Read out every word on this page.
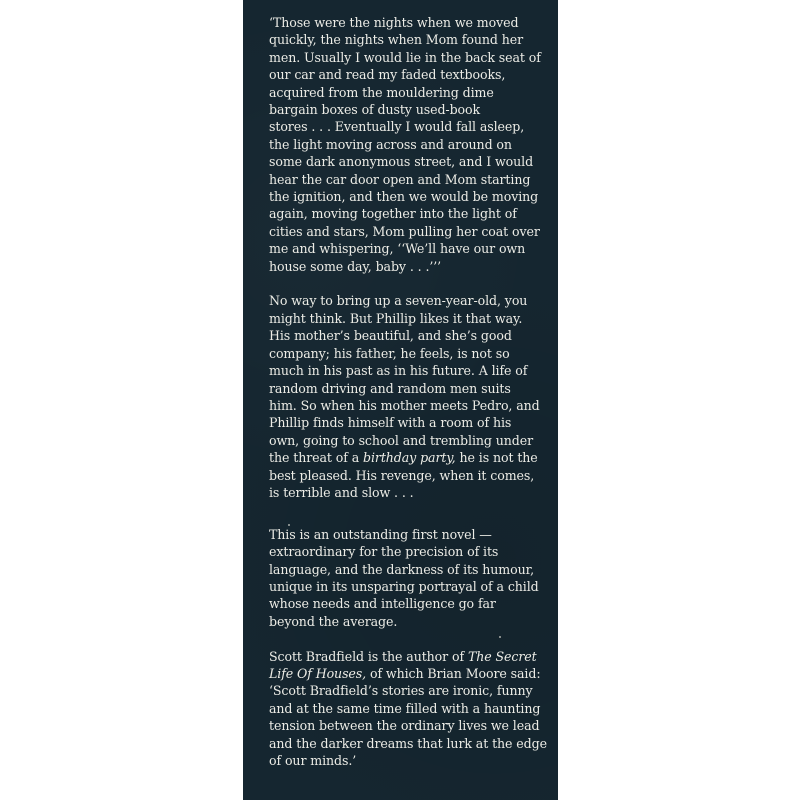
‘Those were the nights when we moved
quickly, the nights when Mom found her
men. Usually I would lie in the back seat of
our car and read my faded textbooks,
acquired from the mouldering dime
bargain boxes of dusty used-book
stores . . . Eventually I would fall asleep,
the light moving across and around on
some dark anonymous street, and I would
hear the car door open and Mom starting
the ignition, and then we would be moving
again, moving together into the light of
cities and stars, Mom pulling her coat over
me and whispering, ‘‘We’ll have our own
house some day, baby . . .’’’

No way to bring up a seven-year-old, you
might think. But Phillip likes it that way.
His mother’s beautiful, and she’s good
company; his father, he feels, is not so
much in his past as in his future. A life of
random driving and random men suits
him. So when his mother meets Pedro, and
Phillip finds himself with a room of his
own, going to school and trembling under
the threat of a birthday party, he is not the
best pleased. His revenge, when it comes,
is terrible and slow . . .

This is an outstanding first novel —
extraordinary for the precision of its
language, and the darkness of its humour,
unique in its unsparing portrayal of a child
whose needs and intelligence go far
beyond the average.

Scott Bradfield is the author of The Secret
Life Of Houses, of which Brian Moore said:
‘Scott Bradfield’s stories are ironic, funny
and at the same time filled with a haunting
tension between the ordinary lives we lead
and the darker dreams that lurk at the edge
of our minds.’
